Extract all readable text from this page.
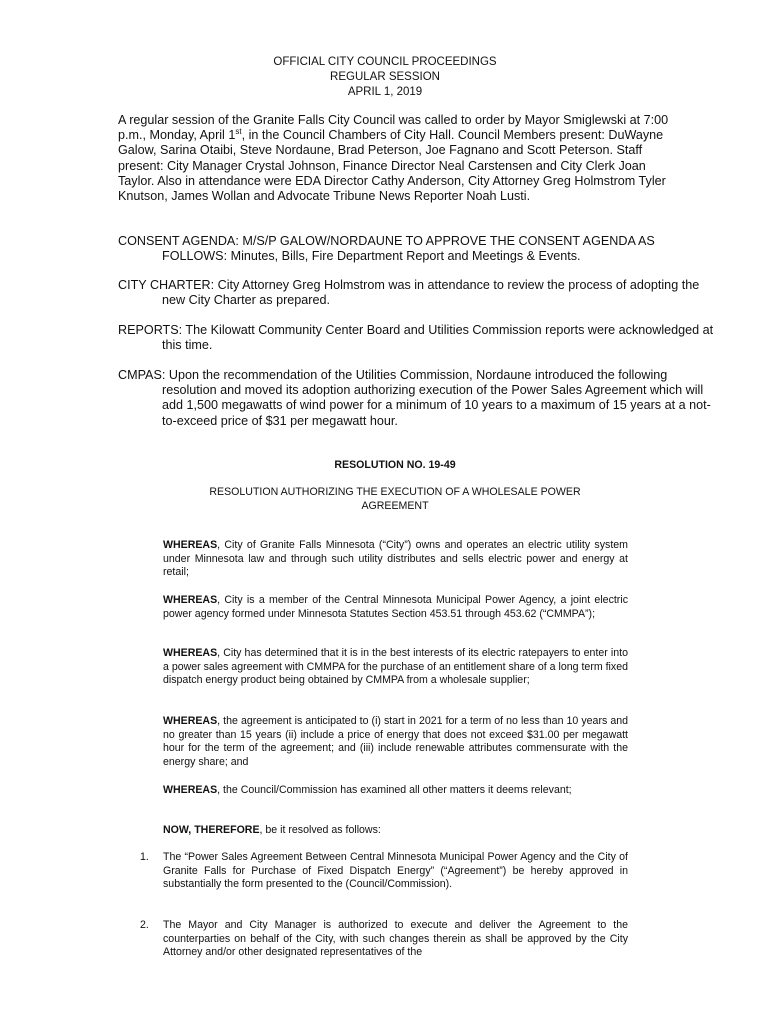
OFFICIAL CITY COUNCIL PROCEEDINGS
REGULAR SESSION
APRIL 1, 2019
A regular session of the Granite Falls City Council was called to order by Mayor Smiglewski at 7:00 p.m., Monday, April 1st, in the Council Chambers of City Hall. Council Members present: DuWayne Galow, Sarina Otaibi, Steve Nordaune, Brad Peterson, Joe Fagnano and Scott Peterson. Staff present: City Manager Crystal Johnson, Finance Director Neal Carstensen and City Clerk Joan Taylor. Also in attendance were EDA Director Cathy Anderson, City Attorney Greg Holmstrom Tyler Knutson, James Wollan and Advocate Tribune News Reporter Noah Lusti.
CONSENT AGENDA: M/S/P GALOW/NORDAUNE TO APPROVE THE CONSENT AGENDA AS FOLLOWS: Minutes, Bills, Fire Department Report and Meetings & Events.
CITY CHARTER: City Attorney Greg Holmstrom was in attendance to review the process of adopting the new City Charter as prepared.
REPORTS: The Kilowatt Community Center Board and Utilities Commission reports were acknowledged at this time.
CMPAS: Upon the recommendation of the Utilities Commission, Nordaune introduced the following resolution and moved its adoption authorizing execution of the Power Sales Agreement which will add 1,500 megawatts of wind power for a minimum of 10 years to a maximum of 15 years at a not-to-exceed price of $31 per megawatt hour.
RESOLUTION NO. 19-49
RESOLUTION AUTHORIZING THE EXECUTION OF A WHOLESALE POWER
AGREEMENT
WHEREAS, City of Granite Falls Minnesota (“City”) owns and operates an electric utility system under Minnesota law and through such utility distributes and sells electric power and energy at retail;
WHEREAS, City is a member of the Central Minnesota Municipal Power Agency, a joint electric power agency formed under Minnesota Statutes Section 453.51 through 453.62 (“CMMPA”);
WHEREAS, City has determined that it is in the best interests of its electric ratepayers to enter into a power sales agreement with CMMPA for the purchase of an entitlement share of a long term fixed dispatch energy product being obtained by CMMPA from a wholesale supplier;
WHEREAS, the agreement is anticipated to (i) start in 2021 for a term of no less than 10 years and no greater than 15 years (ii) include a price of energy that does not exceed $31.00 per megawatt hour for the term of the agreement; and (iii) include renewable attributes commensurate with the energy share; and
WHEREAS, the Council/Commission has examined all other matters it deems relevant;
NOW, THEREFORE, be it resolved as follows:
1. The “Power Sales Agreement Between Central Minnesota Municipal Power Agency and the City of Granite Falls for Purchase of Fixed Dispatch Energy” (“Agreement”) be hereby approved in substantially the form presented to the (Council/Commission).
2. The Mayor and City Manager is authorized to execute and deliver the Agreement to the counterparties on behalf of the City, with such changes therein as shall be approved by the City Attorney and/or other designated representatives of the
